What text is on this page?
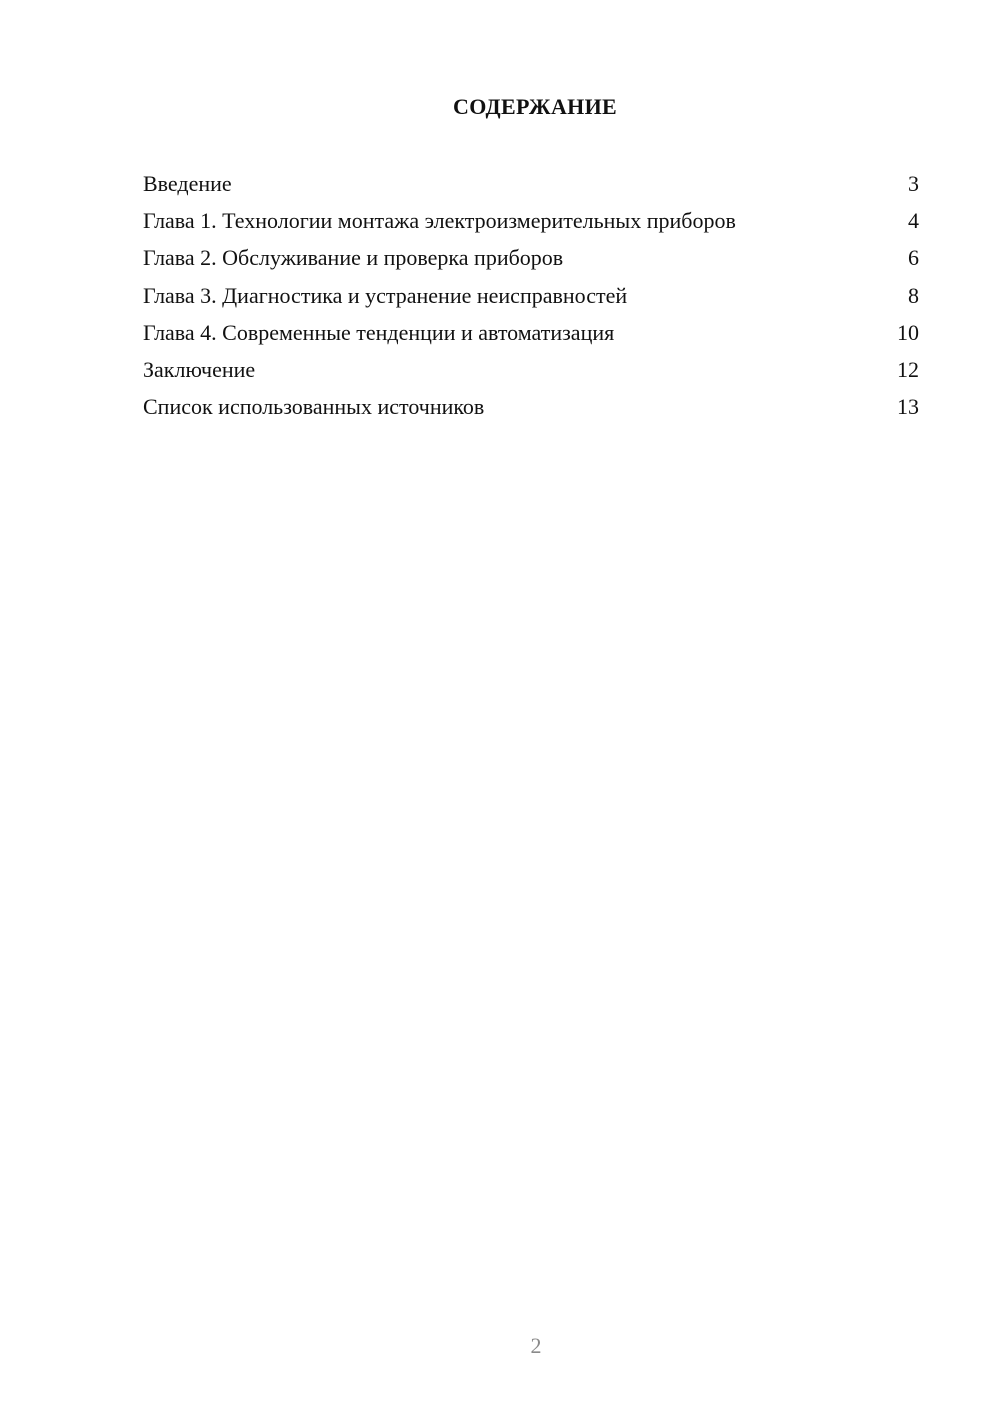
СОДЕРЖАНИЕ
Введение	3
Глава 1. Технологии монтажа электроизмерительных приборов	4
Глава 2. Обслуживание и проверка приборов	6
Глава 3. Диагностика и устранение неисправностей	8
Глава 4. Современные тенденции и автоматизация	10
Заключение	12
Список использованных источников	13
2
